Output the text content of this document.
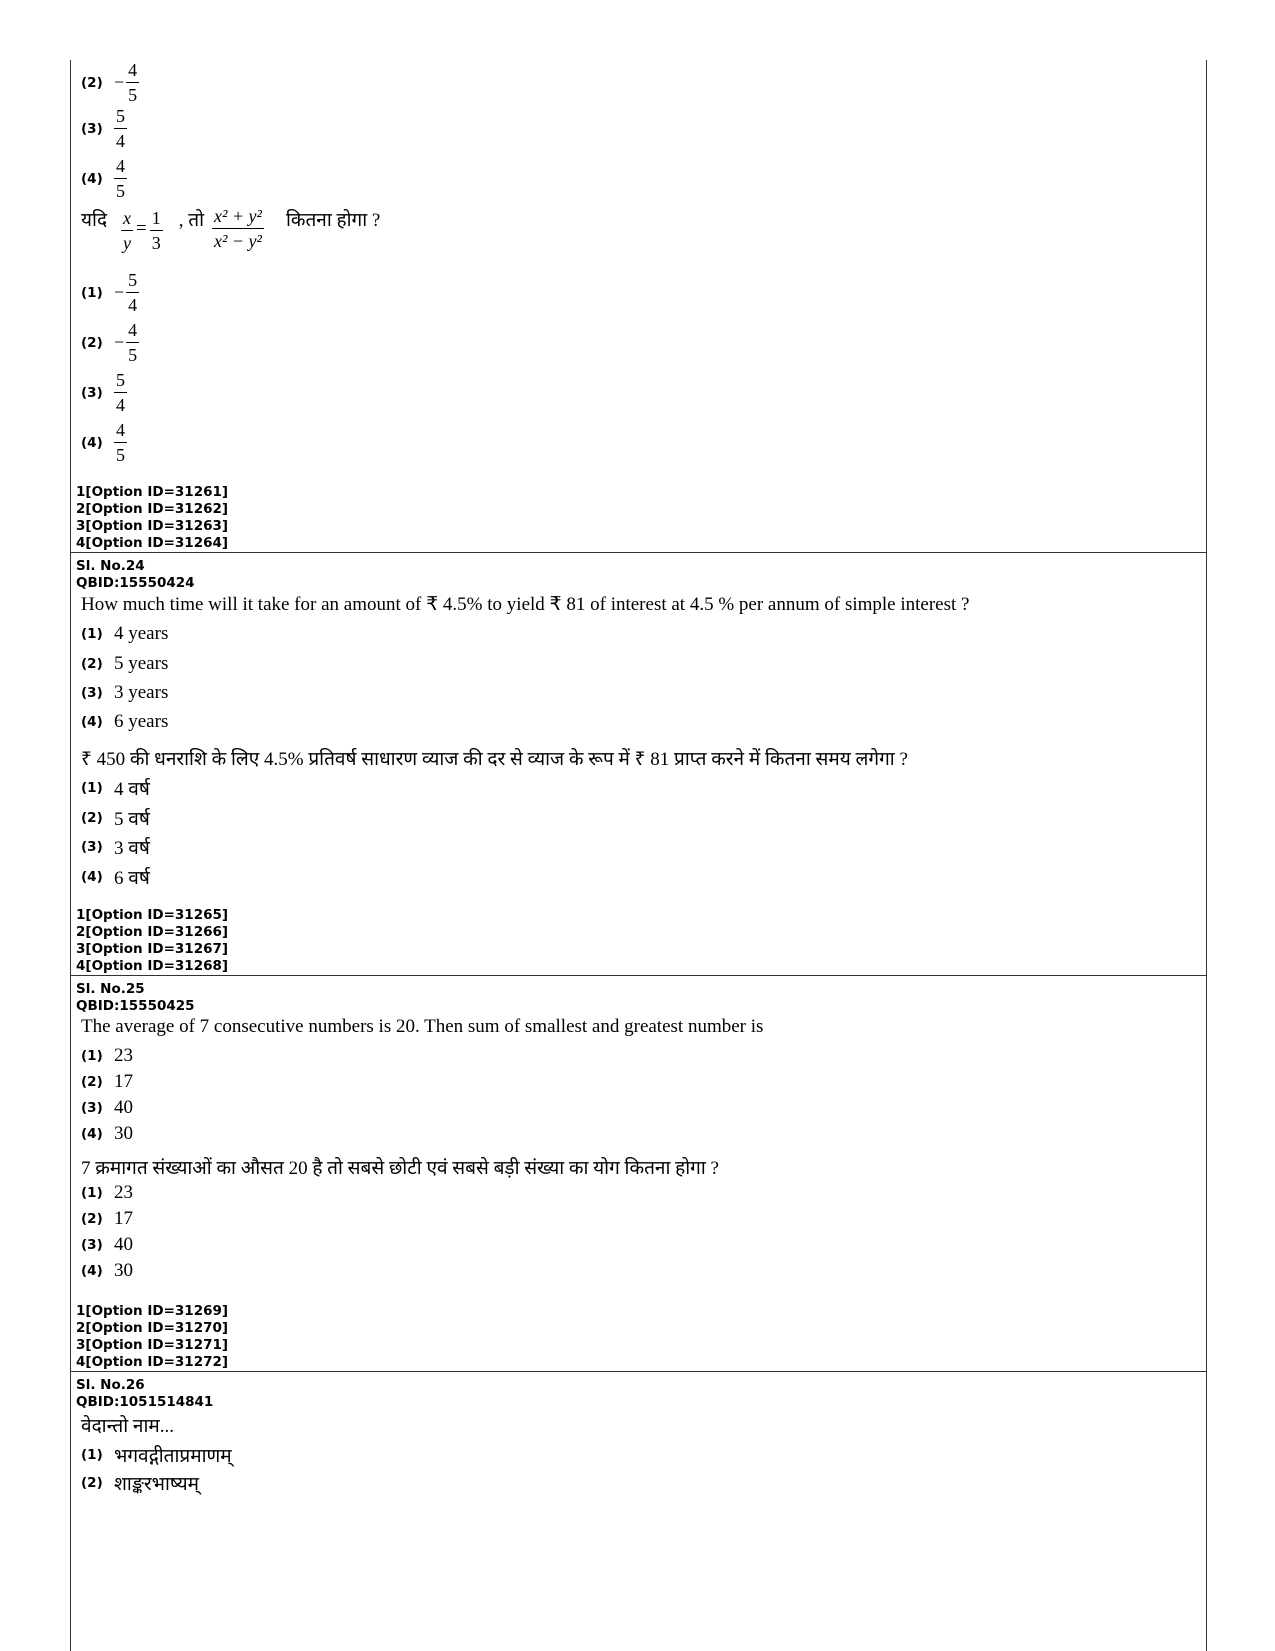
$(2) - \frac{4}{5}$
$(3) \frac{5}{4}$
$(4) \frac{4}{5}$
यदि $\frac{x}{y} = \frac{1}{3}$ , तो $\frac{\text{x² + y²}}{\text{x² − y²}}$ कितना होगा ?
$(1) - \frac{5}{4}$
$(2) - \frac{4}{5}$
$(3) \frac{5}{4}$
$(4) \frac{4}{5}$
1[Option ID=31261]
2[Option ID=31262]
3[Option ID=31263]
4[Option ID=31264]
Sl. No.24
QBID:15550424
How much time will it take for an amount of ₹ 4.5% to yield ₹ 81 of interest at 4.5 % per annum of simple interest ?
(1) 4 years
(2) 5 years
(3) 3 years
(4) 6 years
₹ 450 की धनराशि के लिए 4.5% प्रतिवर्ष साधारण व्याज की दर से व्याज के रूप में ₹ 81 प्राप्त करने में कितना समय लगेगा ?
(1) 4 वर्ष
(2) 5 वर्ष
(3) 3 वर्ष
(4) 6 वर्ष
1[Option ID=31265]
2[Option ID=31266]
3[Option ID=31267]
4[Option ID=31268]
Sl. No.25
QBID:15550425
The average of 7 consecutive numbers is 20. Then sum of smallest and greatest number is
(1) 23
(2) 17
(3) 40
(4) 30
7 क्रमागत संख्याओं का औसत 20 है तो सबसे छोटी एवं सबसे बड़ी संख्या का योग कितना होगा ?
(1) 23
(2) 17
(3) 40
(4) 30
1[Option ID=31269]
2[Option ID=31270]
3[Option ID=31271]
4[Option ID=31272]
Sl. No.26
QBID:1051514841
वेदान्तो नाम...
(1) भगवद्गीताप्रमाणम्
(2) शाङ्करभाष्यम्
